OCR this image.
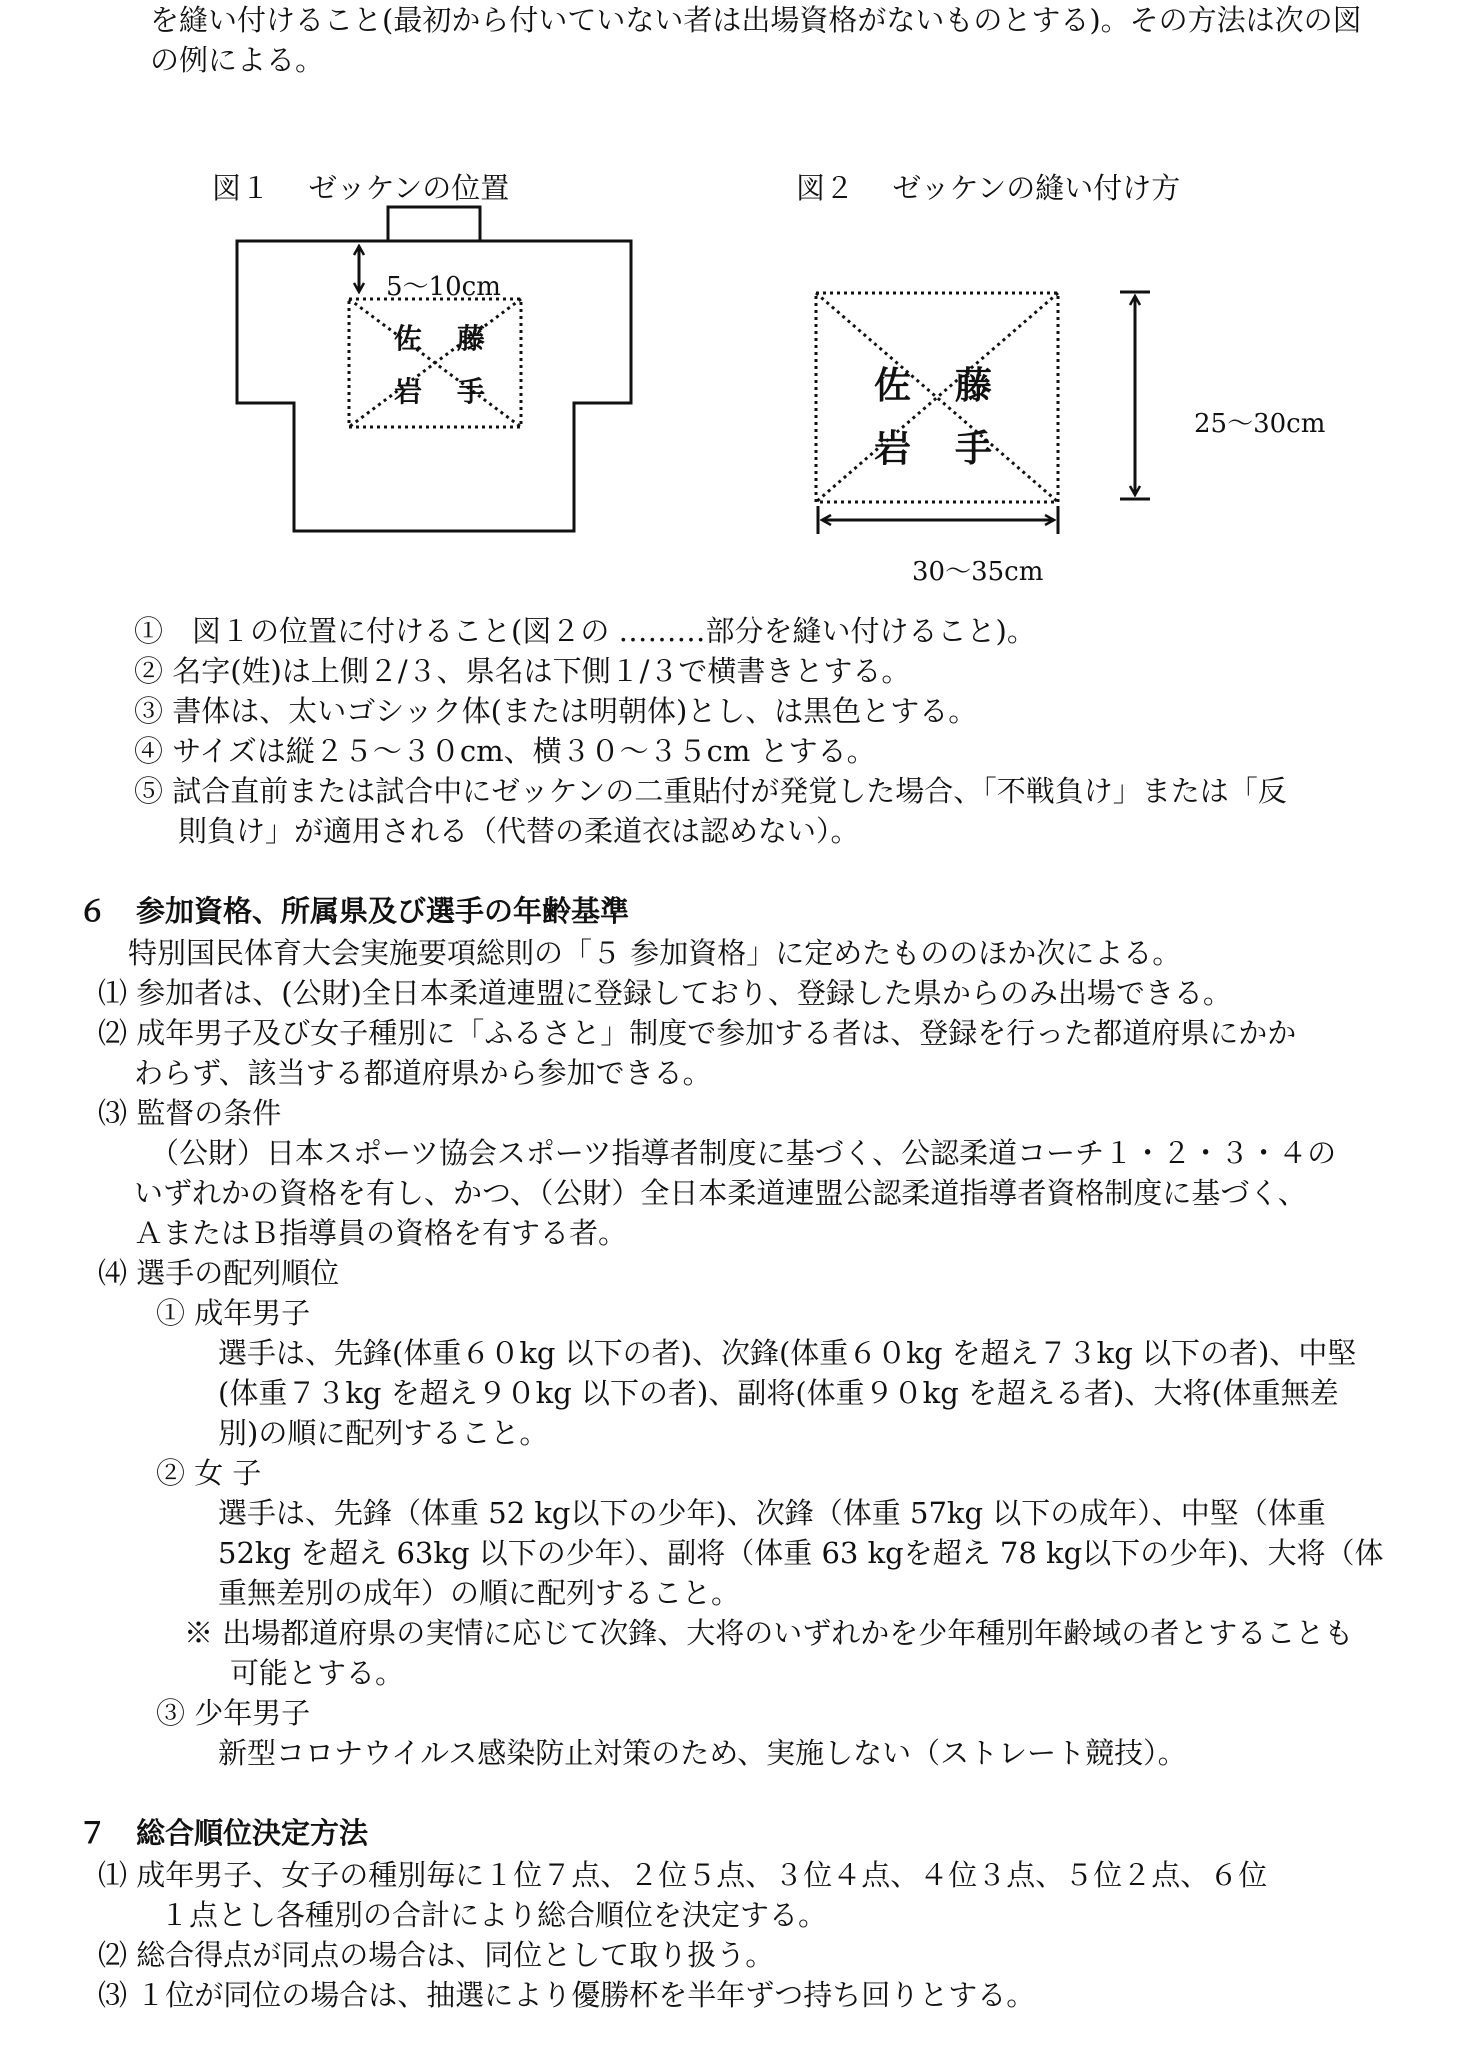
を縫い付けること(最初から付いていない者は出場資格がないものとする)。その方法は次の図
の例による。
図１　 ゼッケンの位置	図２　 ゼッケンの縫い付け方
5〜10cm
佐 藤
岩 手	佐 藤
岩 手
25〜30cm
30〜35cm
①　図１の位置に付けること(図２の ………部分を縫い付けること)。
② 名字(姓)は上側２/３、県名は下側１/３で横書きとする。
③ 書体は、太いゴシック体(または明朝体)とし、は黒色とする。
④ サイズは縦２５〜３０cm、横３０〜３５cm とする。
⑤ 試合直前または試合中にゼッケンの二重貼付が発覚した場合、「不戦負け」または「反
則負け」が適用される（代替の柔道衣は認めない）。
６　参加資格、所属県及び選手の年齢基準
特別国民体育大会実施要項総則の「５ 参加資格」に定めたもののほか次による。
⑴ 参加者は、(公財)全日本柔道連盟に登録しており、登録した県からのみ出場できる。
⑵ 成年男子及び女子種別に「ふるさと」制度で参加する者は、登録を行った都道府県にかか
わらず、該当する都道府県から参加できる。
⑶ 監督の条件
（公財）日本スポーツ協会スポーツ指導者制度に基づく、公認柔道コーチ１・２・３・４の
いずれかの資格を有し、かつ、（公財）全日本柔道連盟公認柔道指導者資格制度に基づく、
ＡまたはＢ指導員の資格を有する者。
⑷ 選手の配列順位
① 成年男子
選手は、先鋒(体重６０kg 以下の者)、次鋒(体重６０kg を超え７３kg 以下の者)、中堅
(体重７３kg を超え９０kg 以下の者)、副将(体重９０kg を超える者)、大将(体重無差
別)の順に配列すること。
② 女 子
選手は、先鋒（体重 52 kg以下の少年)、次鋒（体重 57kg 以下の成年）、中堅（体重
52kg を超え 63kg 以下の少年）、副将（体重 63 kgを超え 78 kg以下の少年)、大将（体
重無差別の成年）の順に配列すること。
※ 出場都道府県の実情に応じて次鋒、大将のいずれかを少年種別年齢域の者とすることも
可能とする。
③ 少年男子
新型コロナウイルス感染防止対策のため、実施しない（ストレート競技）。
７　総合順位決定方法
⑴ 成年男子、女子の種別毎に１位７点、２位５点、３位４点、４位３点、５位２点、６位
１点とし各種別の合計により総合順位を決定する。
⑵ 総合得点が同点の場合は、同位として取り扱う。
⑶ １位が同位の場合は、抽選により優勝杯を半年ずつ持ち回りとする。
